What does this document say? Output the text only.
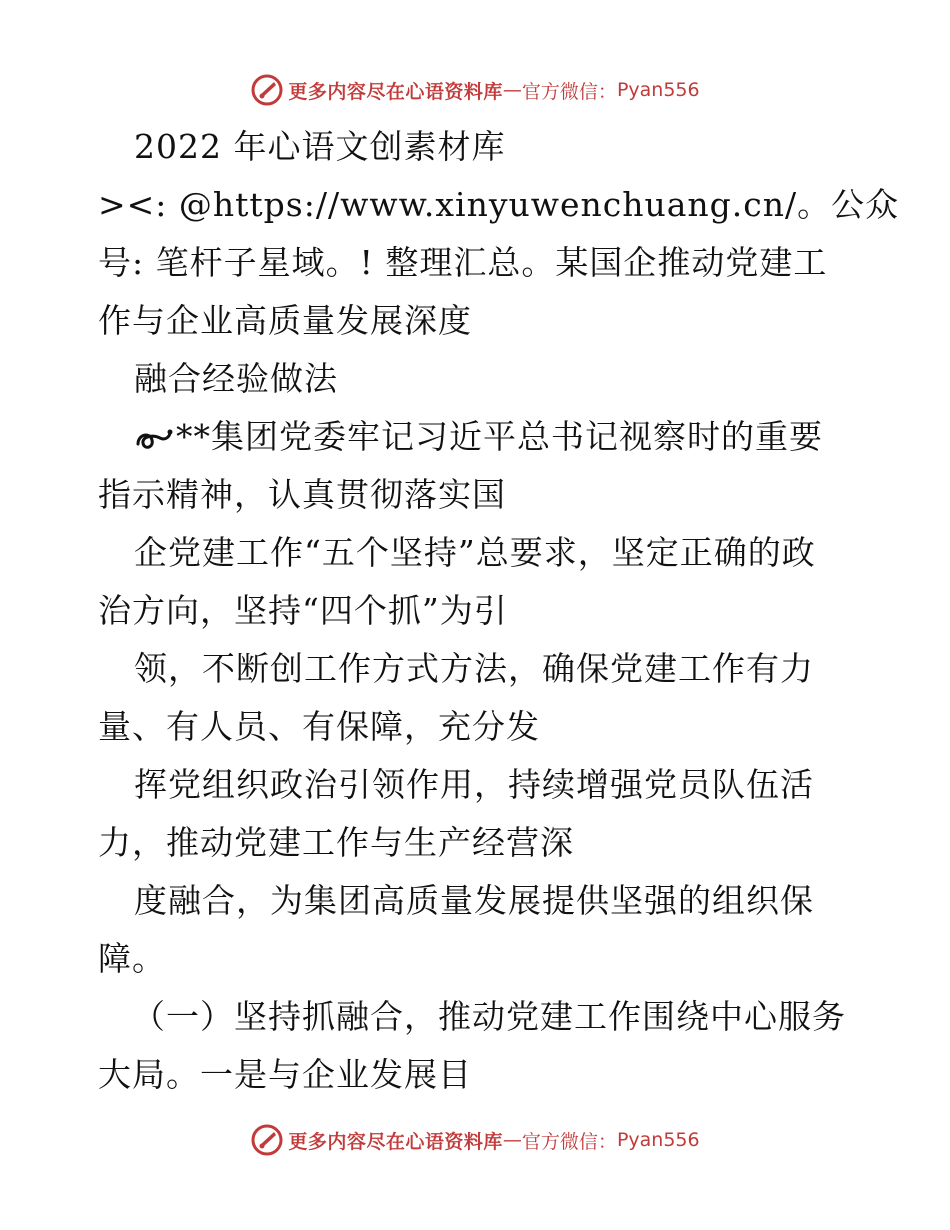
更多内容尽在心语资料库 — 官方微信： Pyan556
2022 年心语文创素材库
><: @https://www.xinyuwenchuang.cn/。公众
号: 笔杆子星域。! 整理汇总。某国企推动党建工
作与企业高质量发展深度
融合经验做法
**集团党委牢记习近平总书记视察时的重要
指示精神，认真贯彻落实国
企党建工作“五个坚持”总要求，坚定正确的政
治方向，坚持“四个抓”为引
领，不断创工作方式方法，确保党建工作有力
量、有人员、有保障，充分发
挥党组织政治引领作用，持续增强党员队伍活
力，推动党建工作与生产经营深
度融合，为集团高质量发展提供坚强的组织保
障。
（一）坚持抓融合，推动党建工作围绕中心服务
大局。一是与企业发展目
更多内容尽在心语资料库 — 官方微信： Pyan556
